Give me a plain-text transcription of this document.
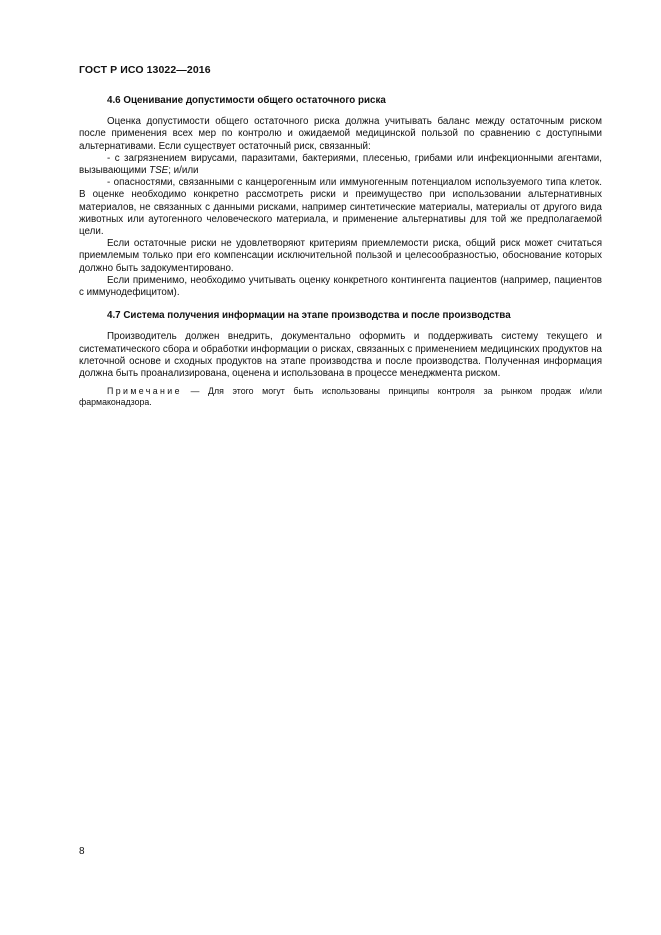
ГОСТ Р ИСО 13022—2016
4.6 Оценивание допустимости общего остаточного риска

Оценка допустимости общего остаточного риска должна учитывать баланс между остаточным риском после применения всех мер по контролю и ожидаемой медицинской пользой по сравнению с доступными альтернативами. Если существует остаточный риск, связанный:

- с загрязнением вирусами, паразитами, бактериями, плесенью, грибами или инфекционными агентами, вызывающими TSE; и/или

- опасностями, связанными с канцерогенным или иммуногенным потенциалом используемого типа клеток. В оценке необходимо конкретно рассмотреть риски и преимущество при использовании альтернативных материалов, не связанных с данными рисками, например синтетические материалы, материалы от другого вида животных или аутогенного человеческого материала, и применение альтернативы для той же предполагаемой цели.

Если остаточные риски не удовлетворяют критериям приемлемости риска, общий риск может считаться приемлемым только при его компенсации исключительной пользой и целесообразностью, обоснование которых должно быть задокументировано.

Если применимо, необходимо учитывать оценку конкретного контингента пациентов (например, пациентов с иммунодефицитом).

4.7 Система получения информации на этапе производства и после производства

Производитель должен внедрить, документально оформить и поддерживать систему текущего и систематического сбора и обработки информации о рисках, связанных с применением медицинских продуктов на клеточной основе и сходных продуктов на этапе производства и после производства. Полученная информация должна быть проанализирована, оценена и использована в процессе менеджмента риском.

Примечание — Для этого могут быть использованы принципы контроля за рынком продаж и/или фармаконадзора.

8
